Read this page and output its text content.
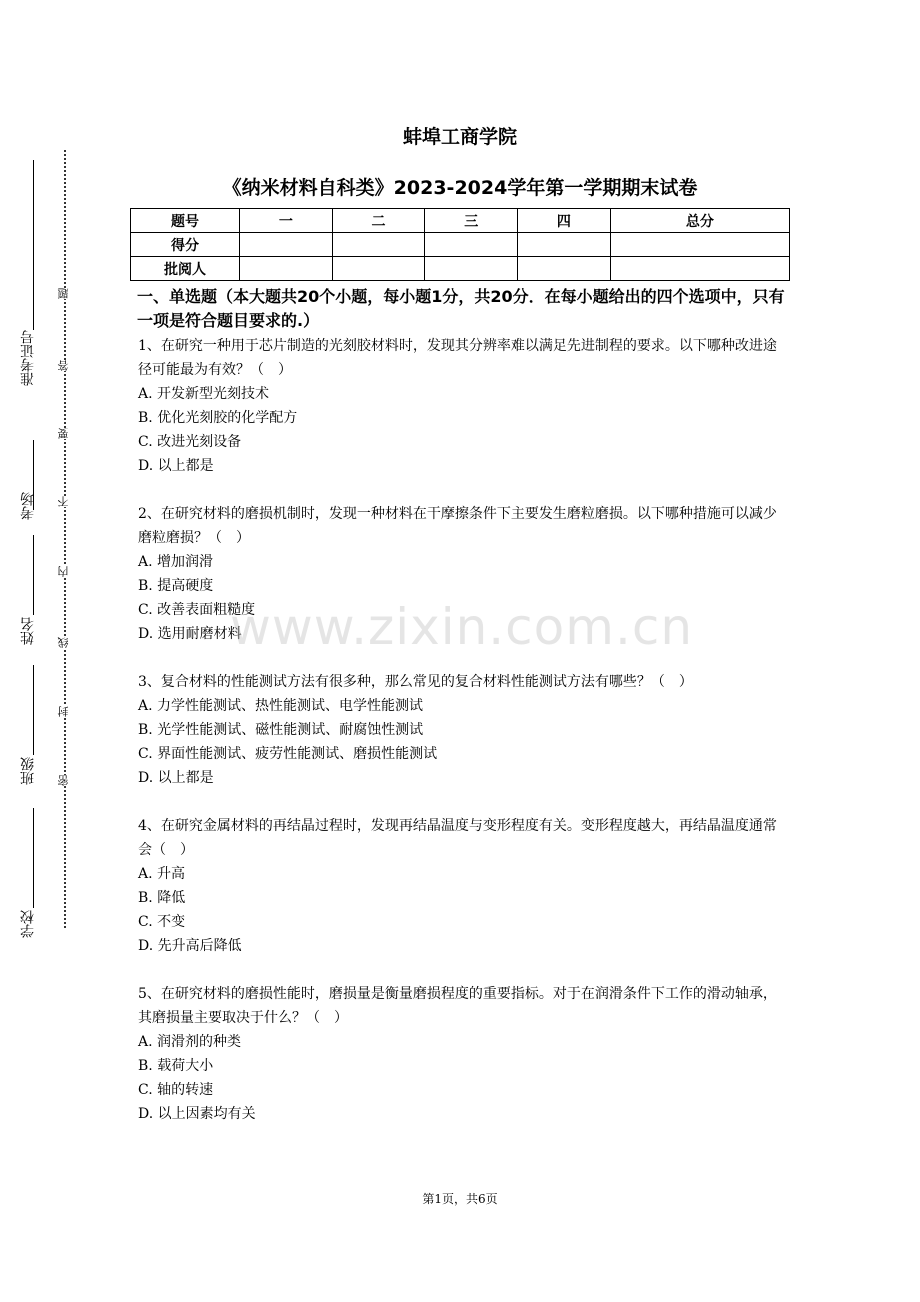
准考证号
考场
姓名
班级
学校
题
答
要
不
内
线
封
密
蚌埠工商学院
《纳米材料自科类》2023-2024学年第一学期期末试卷
题号	一	二	三	四	总分
得分					
批阅人					
一、单选题（本大题共20个小题，每小题1分，共20分．在每小题给出的四个选项中，只有一项是符合题目要求的.）

1、在研究一种用于芯片制造的光刻胶材料时，发现其分辨率难以满足先进制程的要求。以下哪种改进途径可能最为有效？（　）

A. 开发新型光刻技术

B. 优化光刻胶的化学配方

C. 改进光刻设备

D. 以上都是

2、在研究材料的磨损机制时，发现一种材料在干摩擦条件下主要发生磨粒磨损。以下哪种措施可以减少磨粒磨损？（　）

A. 增加润滑

B. 提高硬度

C. 改善表面粗糙度

D. 选用耐磨材料

3、复合材料的性能测试方法有很多种，那么常见的复合材料性能测试方法有哪些？（　）

A. 力学性能测试、热性能测试、电学性能测试

B. 光学性能测试、磁性能测试、耐腐蚀性测试

C. 界面性能测试、疲劳性能测试、磨损性能测试

D. 以上都是

4、在研究金属材料的再结晶过程时，发现再结晶温度与变形程度有关。变形程度越大，再结晶温度通常会（　）

A. 升高

B. 降低

C. 不变

D. 先升高后降低

5、在研究材料的磨损性能时，磨损量是衡量磨损程度的重要指标。对于在润滑条件下工作的滑动轴承，其磨损量主要取决于什么？（　）

A. 润滑剂的种类

B. 载荷大小

C. 轴的转速

D. 以上因素均有关

www.zixin.com.cn
第1页，共6页
